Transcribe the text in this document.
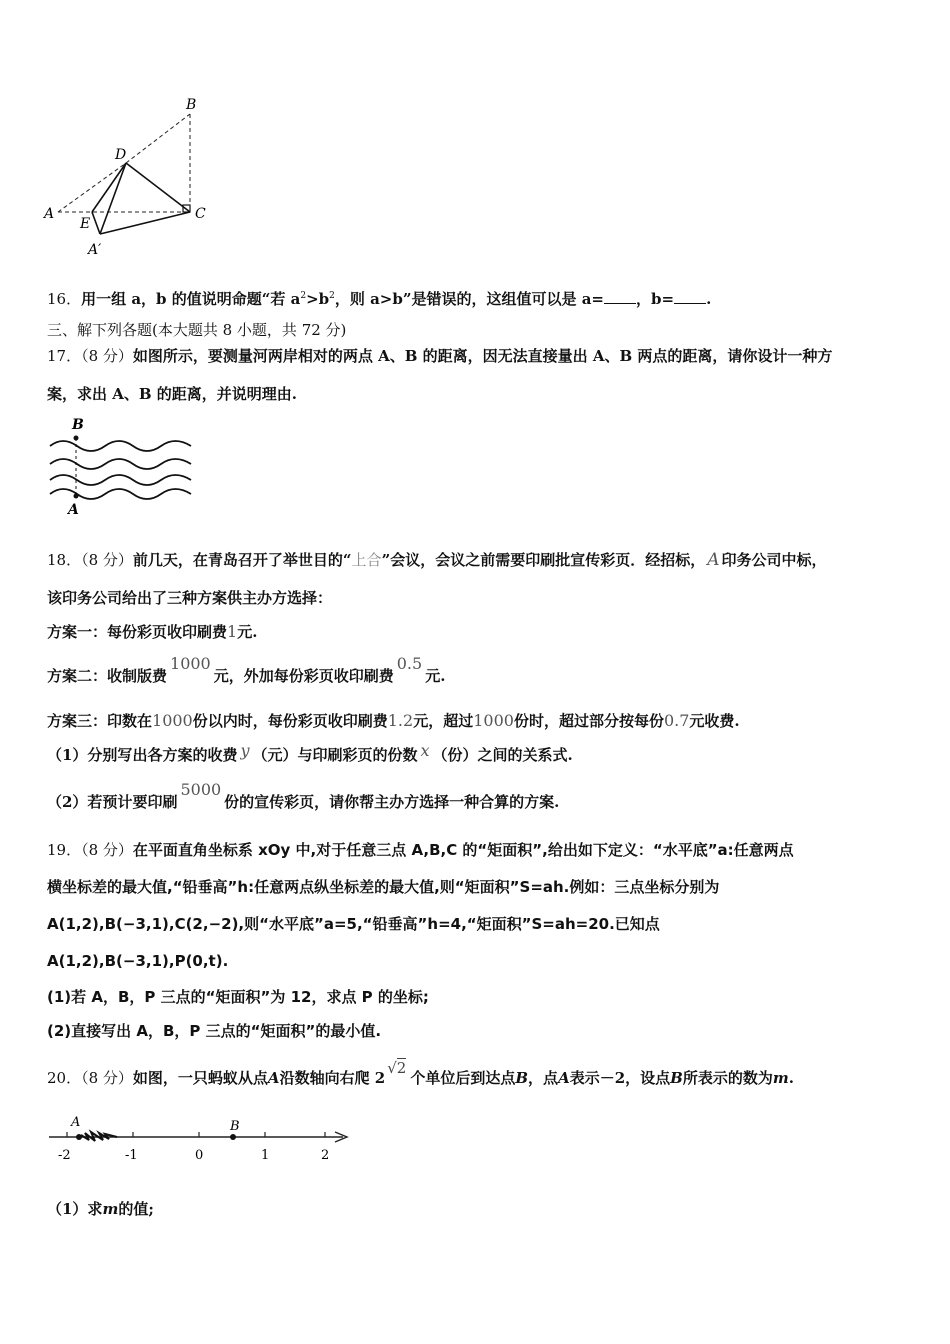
B
D
A
E
C
A′
16．用一组 a，b 的值说明命题“若 $a^2>b^2$，则 a>b”是错误的，这组值可以是 a= ，b= .
三、解下列各题(本大题共 8 小题，共 72 分)
17．（8 分）如图所示，要测量河两岸相对的两点 A、B 的距离，因无法直接量出 A、B 两点的距离，请你设计一种方
案，求出 A、B 的距离，并说明理由.
B
A
18．（8 分）前几天，在青岛召开了举世目的“上合”会议，会议之前需要印刷批宣传彩页．经招标， A 印务公司中标，
该印务公司给出了三种方案供主办方选择：
方案一：每份彩页收印刷费1元.
方案二：收制版费1000元，外加每份彩页收印刷费0.5元.
方案三：印数在1000份以内时，每份彩页收印刷费1.2元，超过1000份时，超过部分按每份0.7元收费.
（1）分别写出各方案的收费 y （元）与印刷彩页的份数 x （份）之间的关系式.
（2）若预计要印刷5000份的宣传彩页，请你帮主办方选择一种合算的方案.
19．（8 分）在平面直角坐标系 xOy 中,对于任意三点 A,B,C 的“矩面积”,给出如下定义：“水平底”a:任意两点
横坐标差的最大值,“铅垂高”h:任意两点纵坐标差的最大值,则“矩面积”S=ah.例如：三点坐标分别为
A(1,2),B(−3,1),C(2,−2),则“水平底”a=5,“铅垂高”h=4,“矩面积”S=ah=20.已知点
A(1,2),B(−3,1),P(0,t).
(1)若 A，B，P 三点的“矩面积”为 12，求点 P 的坐标;
(2)直接写出 A，B，P 三点的“矩面积”的最小值.
20．（8 分）如图，一只蚂蚁从点A沿数轴向右爬 2√2个单位后到达点B，点A表示－2，设点B所表示的数为m.
-2	-1	0	1	2
A	B
（1）求m的值;
